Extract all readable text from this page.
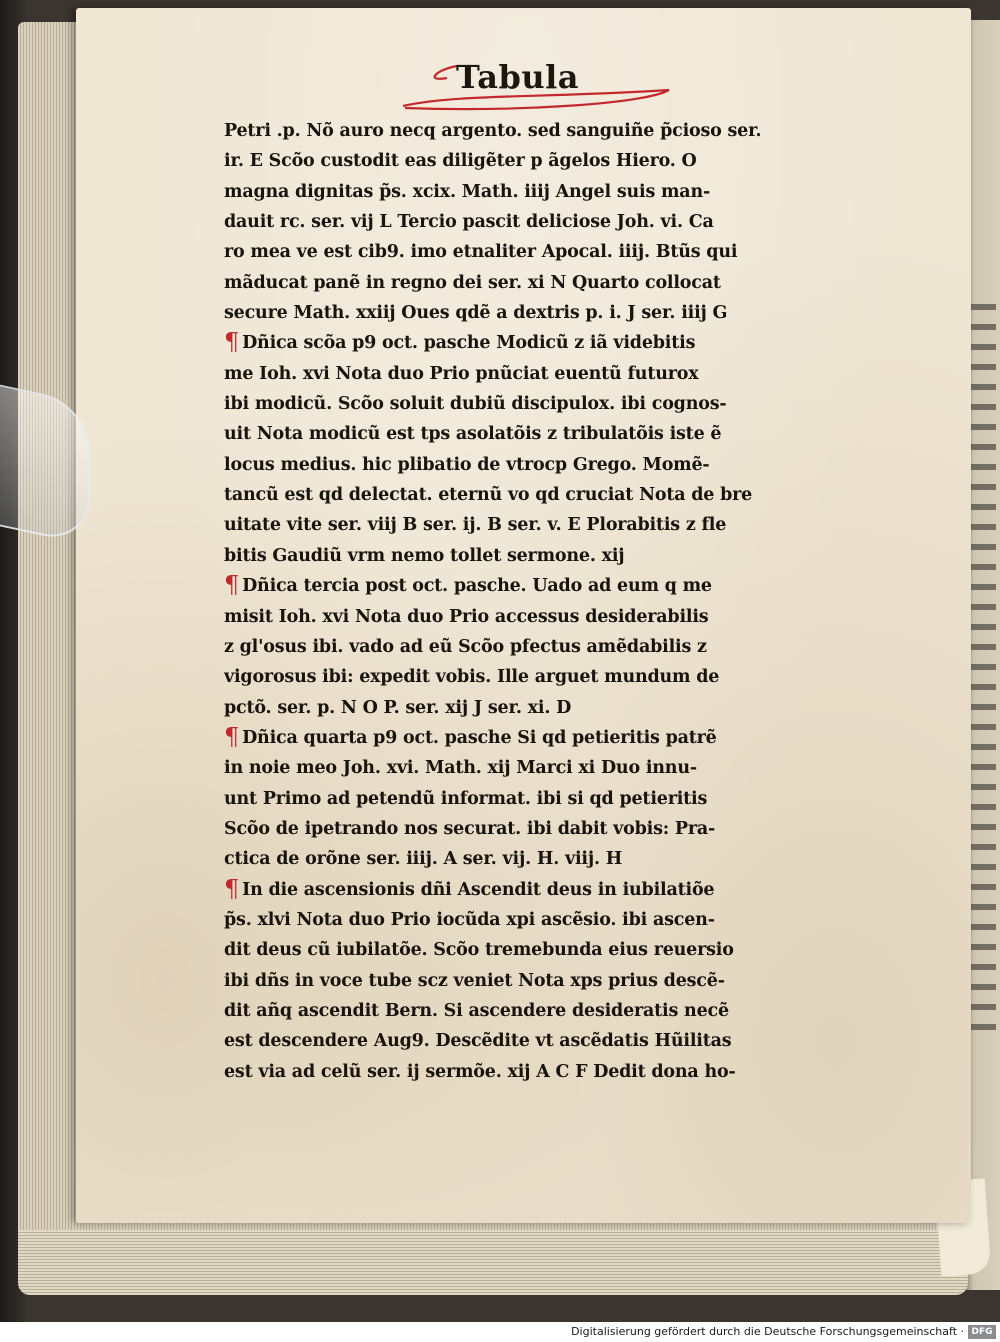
Tabula
Petri .p. Nõ auro necq argento. sed sanguiñe p̃cioso ser.
ir. E Scõo custodit eas diligẽter p ãgelos Hiero. O
magna dignitas p̃s. xcix. Math. iiij Angel suis man-
dauit rc. ser. vij L Tercio pascit deliciose Joh. vi. Ca
ro mea ve est cib9. imo etnaliter Apocal. iiij. Btũs qui
mãducat panẽ in regno dei ser. xi N Quarto collocat
secure Math. xxiij Oues qdẽ a dextris p. i. J ser. iiij G
¶ Dñica scõa p9 oct. pasche Modicũ z iã videbitis
me Ioh. xvi Nota duo Prio pnũciat euentũ futurox
ibi modicũ. Scõo soluit dubiũ discipulox. ibi cognos-
uit Nota modicũ est tps asolatõis z tribulatõis iste ẽ
locus medius. hic plibatio de vtrocp Grego. Momẽ-
tancũ est qd delectat. eternũ vo qd cruciat Nota de bre
uitate vite ser. viij B ser. ij. B ser. v. E Plorabitis z fle
bitis Gaudiũ vrm nemo tollet sermone. xij
¶ Dñica tercia post oct. pasche. Uado ad eum q me
misit Ioh. xvi Nota duo Prio accessus desiderabilis
z gl'osus ibi. vado ad eũ Scõo pfectus amẽdabilis z
vigorosus ibi: expedit vobis. Ille arguet mundum de
pctõ. ser. p. N O P. ser. xij J ser. xi. D
¶ Dñica quarta p9 oct. pasche Si qd petieritis patrẽ
in noie meo Joh. xvi. Math. xij Marci xi Duo innu-
unt Primo ad petendũ informat. ibi si qd petieritis
Scõo de ipetrando nos securat. ibi dabit vobis: Pra-
ctica de orõne ser. iiij. A ser. vij. H. viij. H
¶ In die ascensionis dñi Ascendit deus in iubilatiõe
p̃s. xlvi Nota duo Prio iocũda xpi ascẽsio. ibi ascen-
dit deus cũ iubilatõe. Scõo tremebunda eius reuersio
ibi dñs in voce tube scz veniet Nota xps prius descẽ-
dit añq ascendit Bern. Si ascendere desideratis necẽ
est descendere Aug9. Descẽdite vt ascẽdatis Hũilitas
est via ad celũ ser. ij sermõe. xij A C F Dedit dona ho-
Digitalisierung gefördert durch die Deutsche Forschungsgemeinschaft · DFG
